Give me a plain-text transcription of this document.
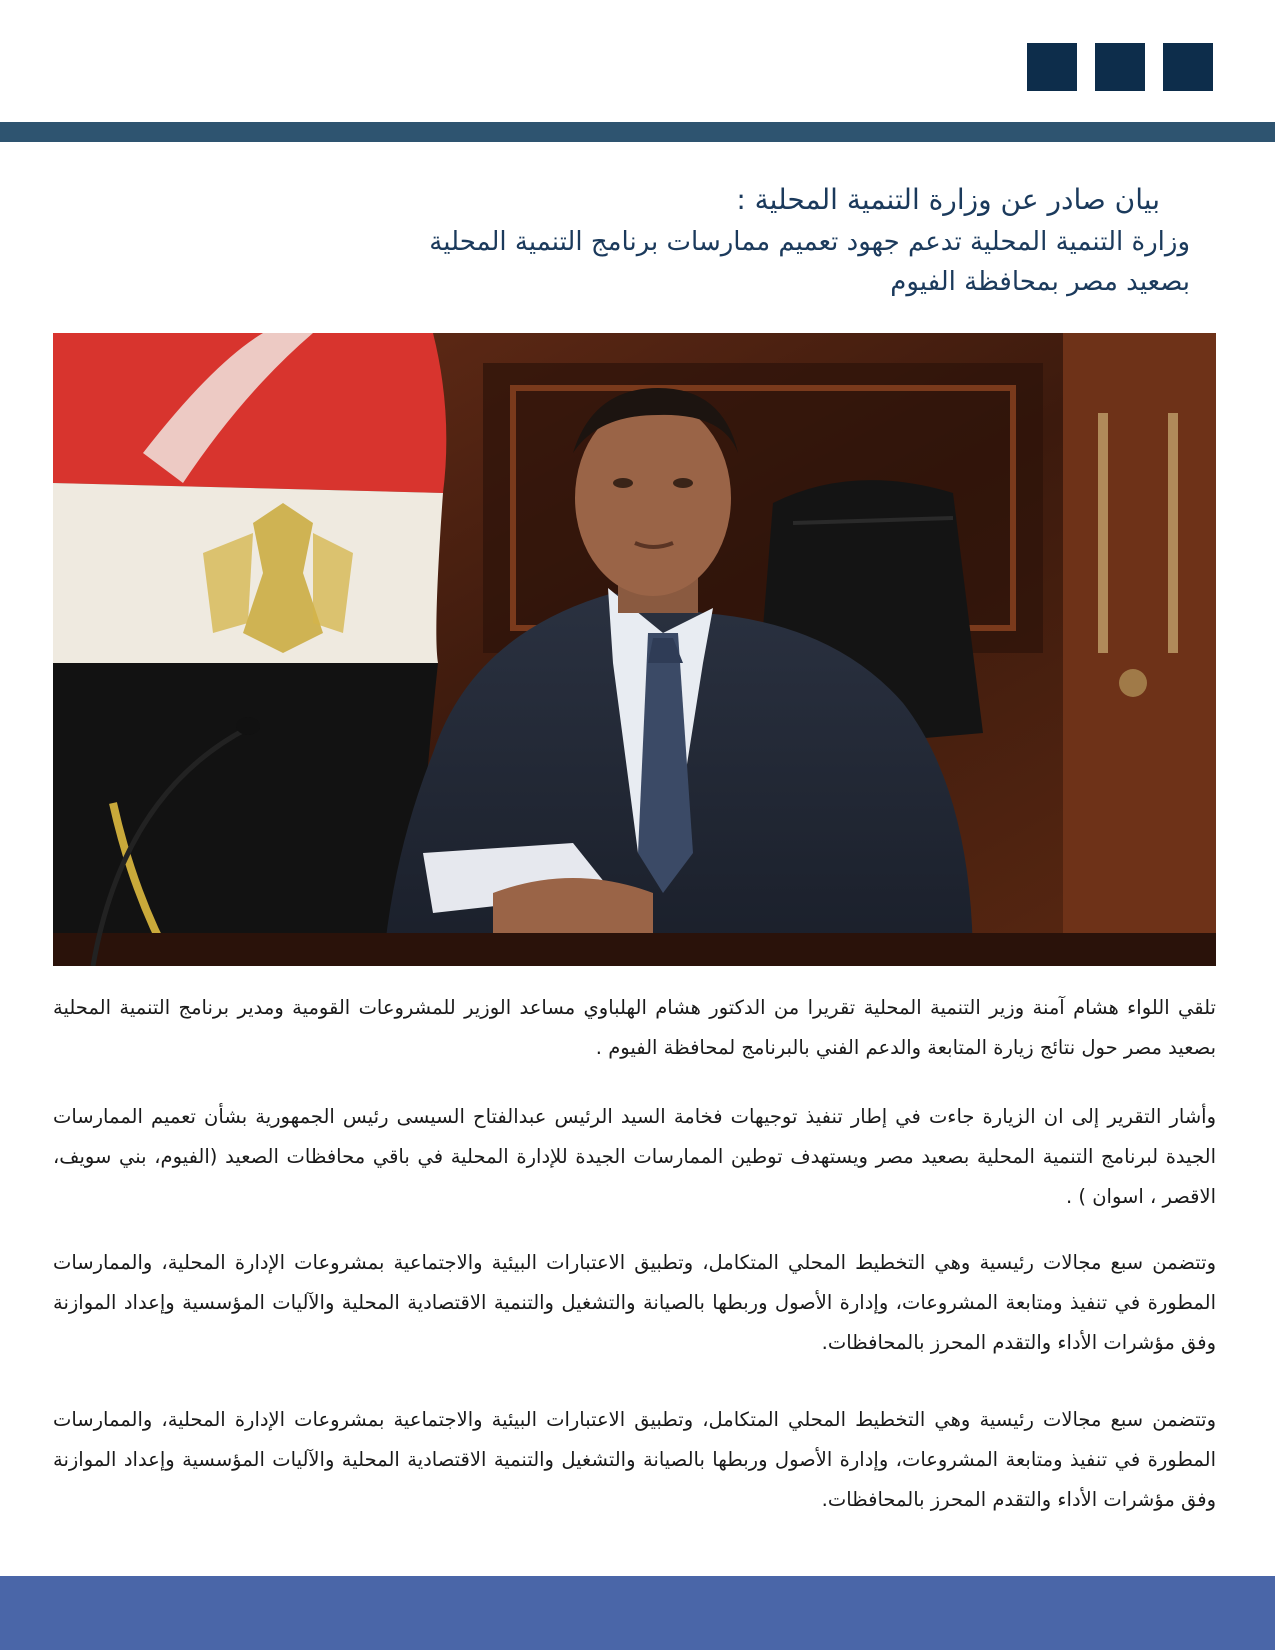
بيان صادر عن وزارة التنمية المحلية :
وزارة التنمية المحلية تدعم جهود تعميم ممارسات برنامج التنمية المحلية
بصعيد مصر بمحافظة الفيوم
تلقي اللواء هشام آمنة وزير التنمية المحلية تقريرا من الدكتور هشام الهلباوي مساعد الوزير للمشروعات القومية ومدير برنامج التنمية المحلية بصعيد مصر حول نتائج زيارة المتابعة والدعم الفني بالبرنامج لمحافظة الفيوم .
وأشار التقرير إلى ان الزيارة جاءت في إطار تنفيذ توجيهات فخامة السيد الرئيس عبدالفتاح السيسى رئيس الجمهورية بشأن تعميم الممارسات الجيدة لبرنامج التنمية المحلية بصعيد مصر ويستهدف توطين الممارسات الجيدة للإدارة المحلية في باقي محافظات الصعيد (الفيوم، بني سويف، الاقصر ، اسوان ) .
وتتضمن سبع مجالات رئيسية وهي التخطيط المحلي المتكامل، وتطبيق الاعتبارات البيئية والاجتماعية بمشروعات الإدارة المحلية، والممارسات المطورة في تنفيذ ومتابعة المشروعات، وإدارة الأصول وربطها بالصيانة والتشغيل والتنمية الاقتصادية المحلية والآليات المؤسسية وإعداد الموازنة وفق مؤشرات الأداء والتقدم المحرز بالمحافظات.
وتتضمن سبع مجالات رئيسية وهي التخطيط المحلي المتكامل، وتطبيق الاعتبارات البيئية والاجتماعية بمشروعات الإدارة المحلية، والممارسات المطورة في تنفيذ ومتابعة المشروعات، وإدارة الأصول وربطها بالصيانة والتشغيل والتنمية الاقتصادية المحلية والآليات المؤسسية وإعداد الموازنة وفق مؤشرات الأداء والتقدم المحرز بالمحافظات.
